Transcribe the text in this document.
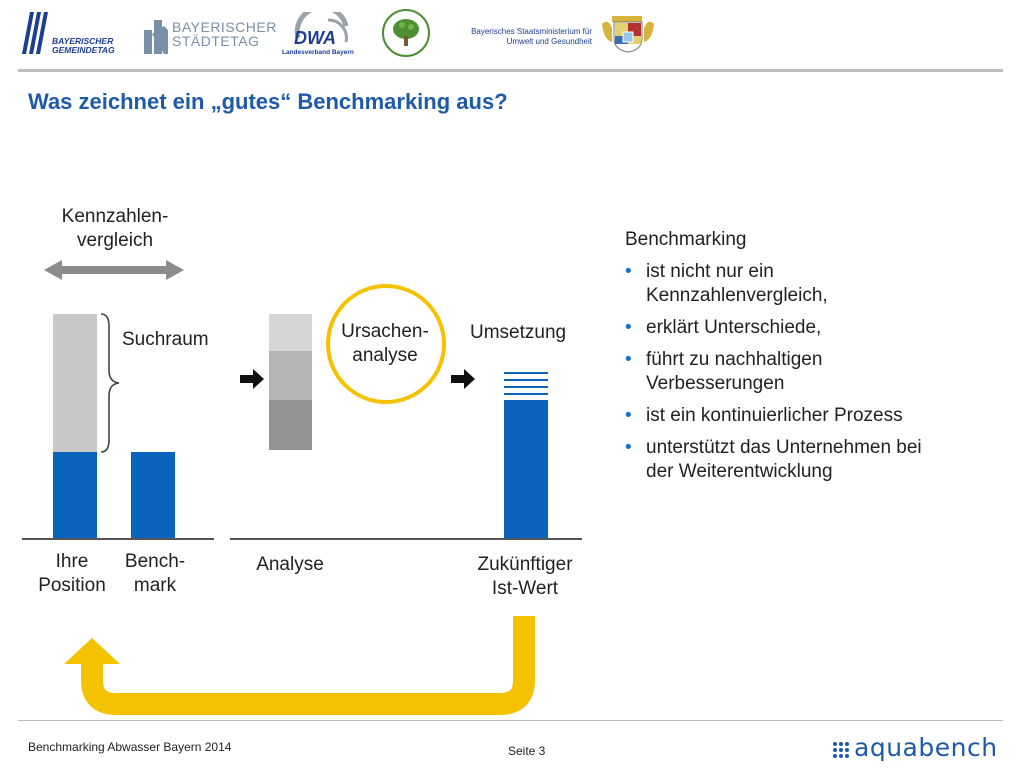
BAYERISCHER
GEMEINDETAG
BAYERISCHER
STÄDTETAG	DWA
Landesverband Bayern
Bayerisches Staatsministerium für
Umwelt und Gesundheit
Was zeichnet ein „gutes“ Benchmarking aus?
Kennzahlen-
vergleich
Suchraum	Ursachen-
analyse
Umsetzung
Ihre
Position
Bench-
mark
Analyse	Zukünftiger
Ist-Wert
Benchmarking
• ist nicht nur ein
Kennzahlenvergleich,
• erklärt Unterschiede,
• führt zu nachhaltigen
Verbesserungen
• ist ein kontinuierlicher Prozess
• unterstützt das Unternehmen bei
der Weiterentwicklung
Benchmarking Abwasser Bayern 2014	Seite 3	aquabench
